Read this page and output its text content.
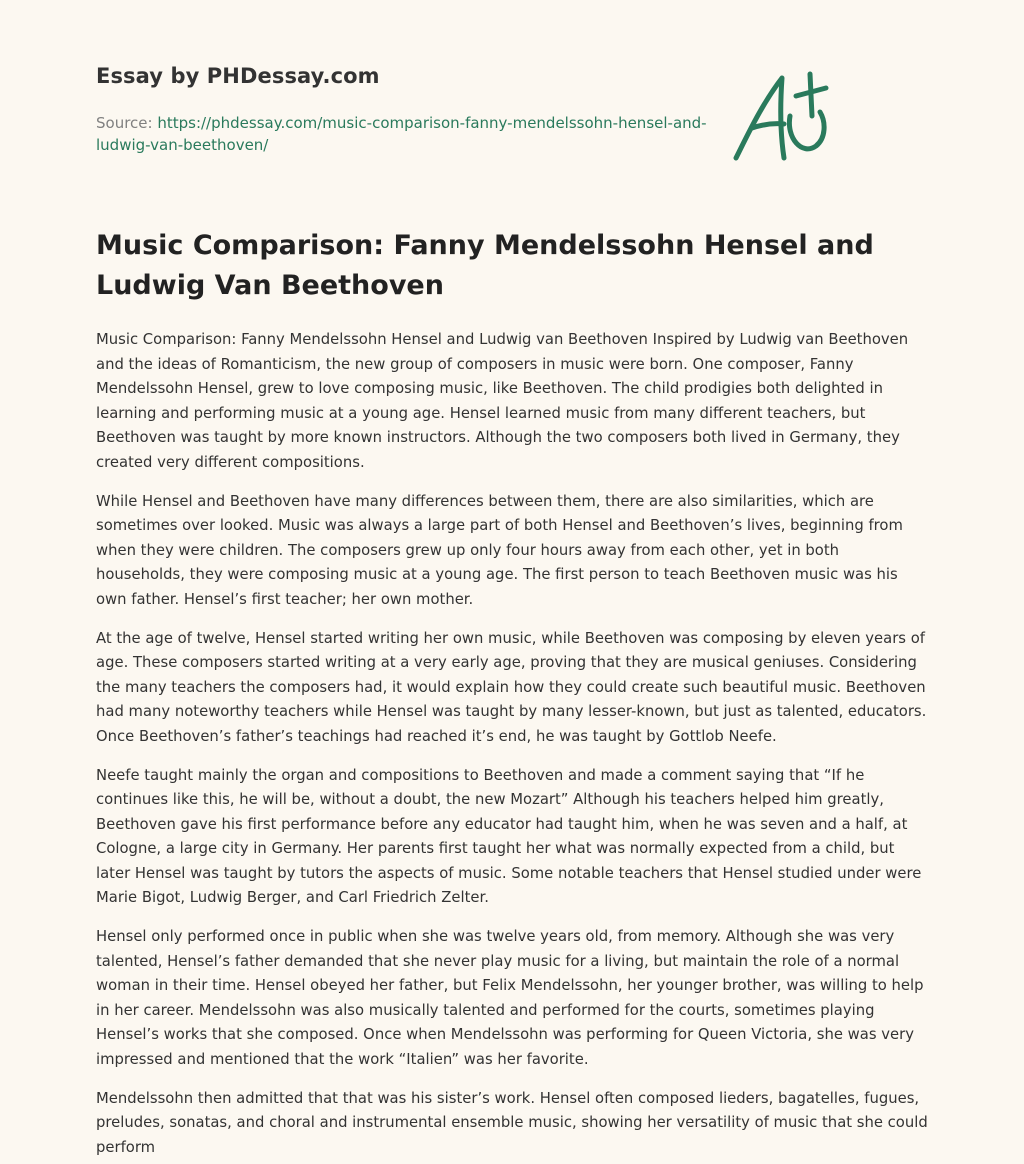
Essay by PHDessay.com
Source: https://phdessay.com/music-comparison-fanny-mendelssohn-hensel-and-ludwig-van-beethoven/
Music Comparison: Fanny Mendelssohn Hensel and Ludwig Van Beethoven

Music Comparison: Fanny Mendelssohn Hensel and Ludwig van Beethoven Inspired by Ludwig van Beethoven and the ideas of Romanticism, the new group of composers in music were born. One composer, Fanny Mendelssohn Hensel, grew to love composing music, like Beethoven. The child prodigies both delighted in learning and performing music at a young age. Hensel learned music from many different teachers, but Beethoven was taught by more known instructors. Although the two composers both lived in Germany, they created very different compositions.

While Hensel and Beethoven have many differences between them, there are also similarities, which are sometimes over looked. Music was always a large part of both Hensel and Beethoven’s lives, beginning from when they were children. The composers grew up only four hours away from each other, yet in both households, they were composing music at a young age. The first person to teach Beethoven music was his own father. Hensel’s first teacher; her own mother.

At the age of twelve, Hensel started writing her own music, while Beethoven was composing by eleven years of age. These composers started writing at a very early age, proving that they are musical geniuses. Considering the many teachers the composers had, it would explain how they could create such beautiful music. Beethoven had many noteworthy teachers while Hensel was taught by many lesser-known, but just as talented, educators. Once Beethoven’s father’s teachings had reached it’s end, he was taught by Gottlob Neefe.

Neefe taught mainly the organ and compositions to Beethoven and made a comment saying that “If he continues like this, he will be, without a doubt, the new Mozart” Although his teachers helped him greatly, Beethoven gave his first performance before any educator had taught him, when he was seven and a half, at Cologne, a large city in Germany. Her parents first taught her what was normally expected from a child, but later Hensel was taught by tutors the aspects of music. Some notable teachers that Hensel studied under were Marie Bigot, Ludwig Berger, and Carl Friedrich Zelter.

Hensel only performed once in public when she was twelve years old, from memory. Although she was very talented, Hensel’s father demanded that she never play music for a living, but maintain the role of a normal woman in their time. Hensel obeyed her father, but Felix Mendelssohn, her younger brother, was willing to help in her career. Mendelssohn was also musically talented and performed for the courts, sometimes playing Hensel’s works that she composed. Once when Mendelssohn was performing for Queen Victoria, she was very impressed and mentioned that the work “Italien” was her favorite.

Mendelssohn then admitted that that was his sister’s work. Hensel often composed lieders, bagatelles, fugues, preludes, sonatas, and choral and instrumental ensemble music, showing her versatility of music that she could perform
